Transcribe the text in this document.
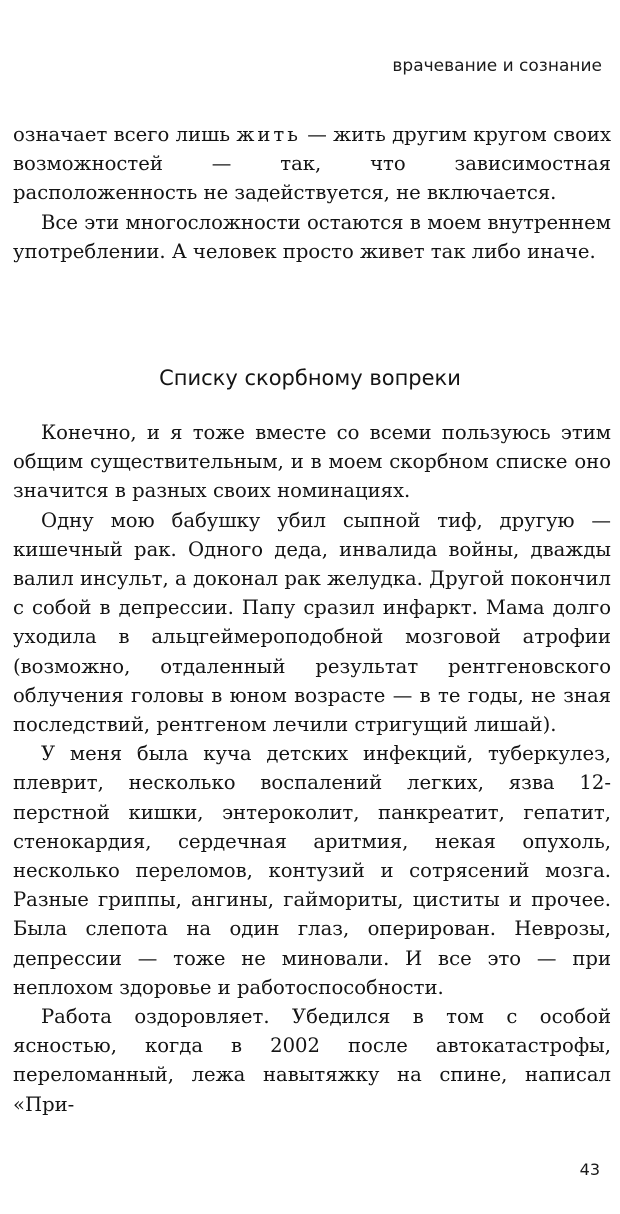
врачевание и сознание

означает всего лишь жить — жить другим кругом своих возможностей — так, что зависимостная расположенность не задействуется, не включается.

Все эти многосложности остаются в моем внутреннем употреблении. А человек просто живет так либо иначе.

Списку скорбному вопреки

Конечно, и я тоже вместе со всеми пользуюсь этим общим существительным, и в моем скорбном списке оно значится в разных своих номинациях.

Одну мою бабушку убил сыпной тиф, другую — кишечный рак. Одного деда, инвалида войны, дважды валил инсульт, а доконал рак желудка. Другой покончил с собой в депрессии. Папу сразил инфаркт. Мама долго уходила в альцгеймероподобной мозговой атрофии (возможно, отдаленный результат рентгеновского облучения головы в юном возрасте — в те годы, не зная последствий, рентгеном лечили стригущий лишай).

У меня была куча детских инфекций, туберкулез, плеврит, несколько воспалений легких, язва 12-перстной кишки, энтероколит, панкреатит, гепатит, стенокардия, сердечная аритмия, некая опухоль, несколько переломов, контузий и сотрясений мозга. Разные гриппы, ангины, гаймориты, циститы и прочее. Была слепота на один глаз, оперирован. Неврозы, депрессии — тоже не миновали. И все это — при неплохом здоровье и работоспособности.

Работа оздоровляет. Убедился в том с особой ясностью, когда в 2002 после автокатастрофы, переломанный, лежа навытяжку на спине, написал «При-

43
